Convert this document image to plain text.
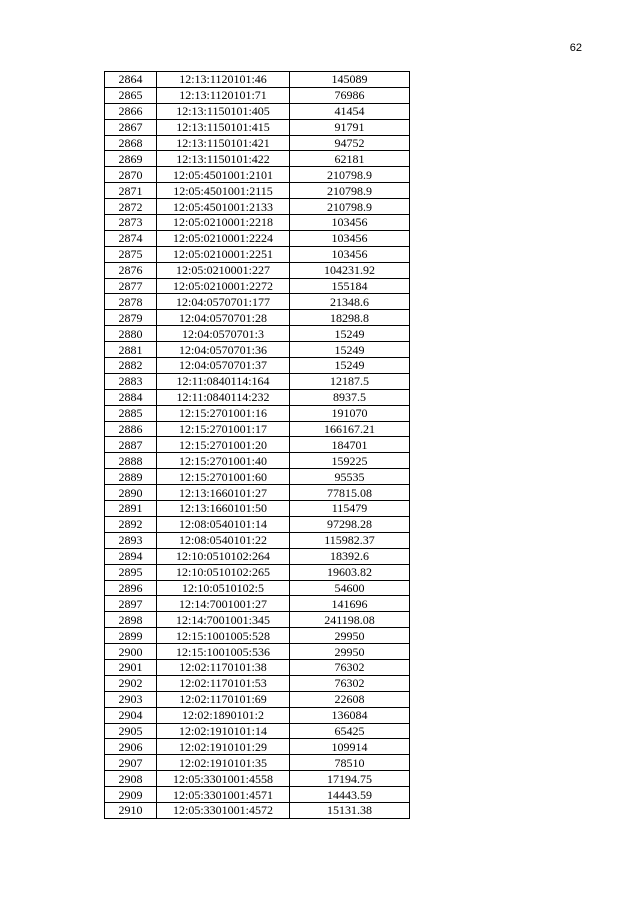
62
2864	12:13:1120101:46	145089
2865	12:13:1120101:71	76986
2866	12:13:1150101:405	41454
2867	12:13:1150101:415	91791
2868	12:13:1150101:421	94752
2869	12:13:1150101:422	62181
2870	12:05:4501001:2101	210798.9
2871	12:05:4501001:2115	210798.9
2872	12:05:4501001:2133	210798.9
2873	12:05:0210001:2218	103456
2874	12:05:0210001:2224	103456
2875	12:05:0210001:2251	103456
2876	12:05:0210001:227	104231.92
2877	12:05:0210001:2272	155184
2878	12:04:0570701:177	21348.6
2879	12:04:0570701:28	18298.8
2880	12:04:0570701:3	15249
2881	12:04:0570701:36	15249
2882	12:04:0570701:37	15249
2883	12:11:0840114:164	12187.5
2884	12:11:0840114:232	8937.5
2885	12:15:2701001:16	191070
2886	12:15:2701001:17	166167.21
2887	12:15:2701001:20	184701
2888	12:15:2701001:40	159225
2889	12:15:2701001:60	95535
2890	12:13:1660101:27	77815.08
2891	12:13:1660101:50	115479
2892	12:08:0540101:14	97298.28
2893	12:08:0540101:22	115982.37
2894	12:10:0510102:264	18392.6
2895	12:10:0510102:265	19603.82
2896	12:10:0510102:5	54600
2897	12:14:7001001:27	141696
2898	12:14:7001001:345	241198.08
2899	12:15:1001005:528	29950
2900	12:15:1001005:536	29950
2901	12:02:1170101:38	76302
2902	12:02:1170101:53	76302
2903	12:02:1170101:69	22608
2904	12:02:1890101:2	136084
2905	12:02:1910101:14	65425
2906	12:02:1910101:29	109914
2907	12:02:1910101:35	78510
2908	12:05:3301001:4558	17194.75
2909	12:05:3301001:4571	14443.59
2910	12:05:3301001:4572	15131.38
